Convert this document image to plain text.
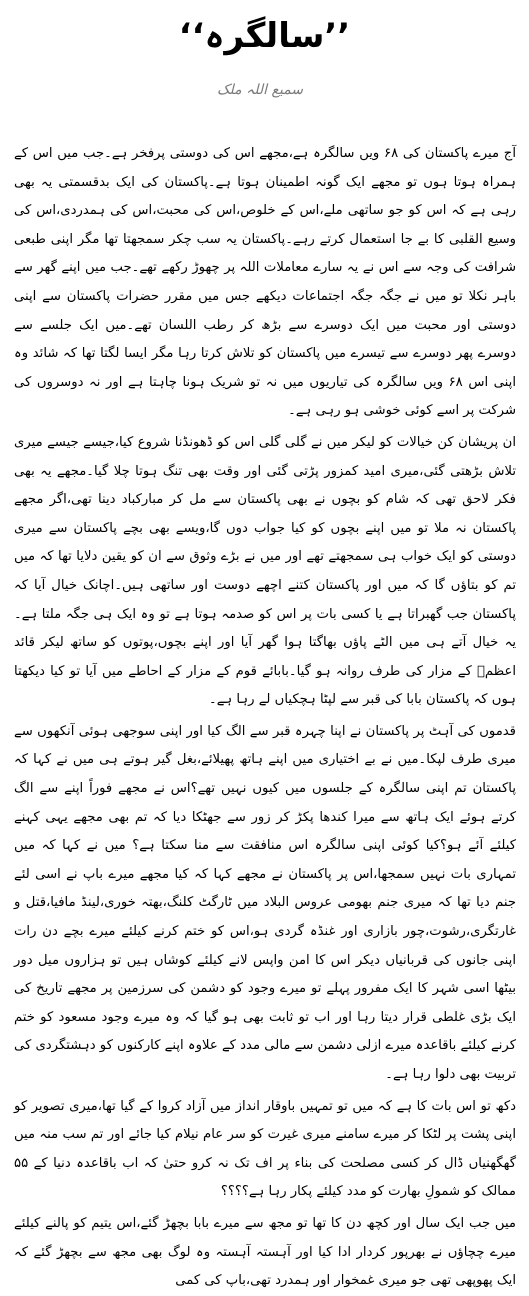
’’سالگرہ‘‘
سمیع اللہ ملک

آج میرے پاکستان کی ۶۸ ویں سالگرہ ہے،مجھے اس کی دوستی پرفخر ہے۔جب میں اس کے ہمراہ ہوتا ہوں تو مجھے ایک گونہ اطمینان ہوتا ہے۔پاکستان کی ایک بدقسمتی یہ بھی رہی ہے کہ اس کو جو ساتھی ملے،اس کے خلوص،اس کی محبت،اس کی ہمدردی،اس کی وسیع القلبی کا بے جا استعمال کرتے رہے۔پاکستان یہ سب چکر سمجھتا تھا مگر اپنی طبعی شرافت کی وجہ سے اس نے یہ سارے معاملات اللہ پر چھوڑ رکھے تھے۔جب میں اپنے گھر سے باہر نکلا تو میں نے جگہ جگہ اجتماعات دیکھے جس میں مقرر حضرات پاکستان سے اپنی دوستی اور محبت میں ایک دوسرے سے بڑھ کر رطب اللسان تھے۔میں ایک جلسے سے دوسرے پھر دوسرے سے تیسرے میں پاکستان کو تلاش کرتا رہا مگر ایسا لگتا تھا کہ شائد وہ اپنی اس ۶۸ ویں سالگرہ کی تیاریوں میں نہ تو شریک ہونا چاہتا ہے اور نہ دوسروں کی شرکت پر اسے کوئی خوشی ہو رہی ہے۔

ان پریشان کن خیالات کو لیکر میں نے گلی گلی اس کو ڈھونڈنا شروع کیا،جیسے جیسے میری تلاش بڑھتی گئی،میری امید کمزور پڑتی گئی اور وقت بھی تنگ ہوتا چلا گیا۔مجھے یہ بھی فکر لاحق تھی کہ شام کو بچوں نے بھی پاکستان سے مل کر مبارکباد دینا تھی،اگر مجھے پاکستان نہ ملا تو میں اپنے بچوں کو کیا جواب دوں گا،ویسے بھی بچے پاکستان سے میری دوستی کو ایک خواب ہی سمجھتے تھے اور میں نے بڑے وثوق سے ان کو یقین دلایا تھا کہ میں تم کو بتاؤں گا کہ میں اور پاکستان کتنے اچھے دوست اور ساتھی ہیں۔اچانک خیال آیا کہ پاکستان جب گھبراتا ہے یا کسی بات پر اس کو صدمہ ہوتا ہے تو وہ ایک ہی جگہ ملتا ہے۔یہ خیال آتے ہی میں الٹے پاؤں بھاگتا ہوا گھر آیا اور اپنے بچوں،پوتوں کو ساتھ لیکر قائد اعظمؒ کے مزار کی طرف روانہ ہو گیا۔بابائے قوم کے مزار کے احاطے میں آیا تو کیا دیکھتا ہوں کہ پاکستان بابا کی قبر سے لپٹا ہچکیاں لے رہا ہے۔

قدموں کی آہٹ پر پاکستان نے اپنا چہرہ قبر سے الگ کیا اور اپنی سوجھی ہوئی آنکھوں سے میری طرف لپکا۔میں نے بے اختیاری میں اپنے ہاتھ پھیلائے،بغل گیر ہوتے ہی میں نے کہا کہ پاکستان تم اپنی سالگرہ کے جلسوں میں کیوں نہیں تھے؟اس نے مجھے فوراً اپنے سے الگ کرتے ہوئے ایک ہاتھ سے میرا کندھا پکڑ کر زور سے جھٹکا دیا کہ تم بھی مجھے یہی کہنے کیلئے آئے ہو؟کیا کوئی اپنی سالگرہ اس منافقت سے منا سکتا ہے؟ میں نے کہا کہ میں تمہاری بات نہیں سمجھا،اس پر پاکستان نے مجھے کہا کہ کیا مجھے میرے باپ نے اسی لئے جنم دیا تھا کہ میری جنم بھومی عروس البلاد میں ٹارگٹ کلنگ،بھتہ خوری،لینڈ مافیا،قتل و غارتگری،رشوت،چور بازاری اور غنڈہ گردی ہو،اس کو ختم کرنے کیلئے میرے بچے دن رات اپنی جانوں کی قربانیاں دیکر اس کا امن واپس لانے کیلئے کوشاں ہیں تو ہزاروں میل دور بیٹھا اسی شہر کا ایک مفرور پہلے تو میرے وجود کو دشمن کی سرزمین پر مجھے تاریخ کی ایک بڑی غلطی قرار دیتا رہا اور اب تو ثابت بھی ہو گیا کہ وہ میرے وجود مسعود کو ختم کرنے کیلئے باقاعدہ میرے ازلی دشمن سے مالی مدد کے علاوہ اپنے کارکنوں کو دہشتگردی کی تربیت بھی دلوا رہا ہے۔

دکھ تو اس بات کا ہے کہ میں تو تمہیں باوقار انداز میں آزاد کروا کے گیا تھا،میری تصویر کو اپنی پشت پر لٹکا کر میرے سامنے میری غیرت کو سر عام نیلام کیا جائے اور تم سب منہ میں گھگھنیاں ڈال کر کسی مصلحت کی بناء پر اف تک نہ کرو حتیٰ کہ اب باقاعدہ دنیا کے ۵۵ ممالک کو شمولِ بھارت کو مدد کیلئے پکار رہا ہے؟؟؟؟

میں جب ایک سال اور کچھ دن کا تھا تو مجھ سے میرے بابا بچھڑ گئے،اس یتیم کو پالنے کیلئے میرے چچاؤں نے بھرپور کردار ادا کیا اور آہستہ آہستہ وہ لوگ بھی مجھ سے بچھڑ گئے کہ ایک پھوپھی تھی جو میری غمخوار اور ہمدرد تھی،باپ کی کمی
